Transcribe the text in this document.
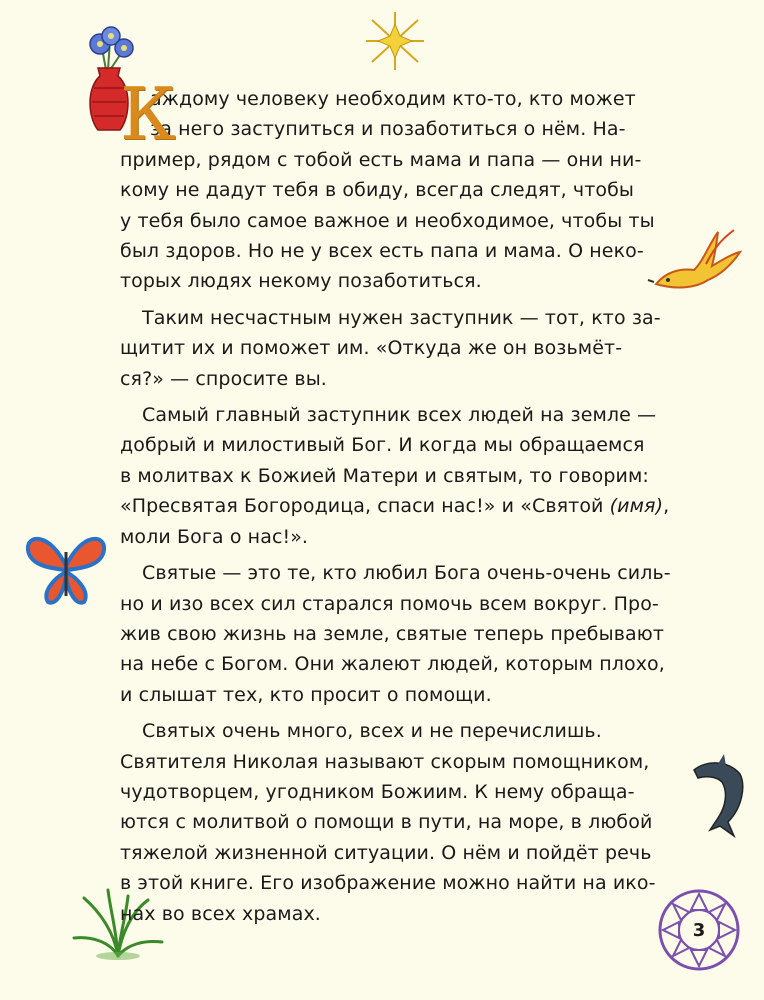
3
К
аждому человеку необходим кто-то, кто может
за него заступиться и позаботиться о нём. На-
пример, рядом с тобой есть мама и папа — они ни-
кому не дадут тебя в обиду, всегда следят, чтобы
у тебя было самое важное и необходимое, чтобы ты
был здоров. Но не у всех есть папа и мама. О неко-
торых людях некому позаботиться.
Таким несчастным нужен заступник — тот, кто за-
щитит их и поможет им. «Откуда же он возьмёт-
ся?» — спросите вы.
Самый главный заступник всех людей на земле —
добрый и милостивый Бог. И когда мы обращаемся
в молитвах к Божией Матери и святым, то говорим:
«Пресвятая Богородица, спаси нас!» и «Святой (имя),
моли Бога о нас!».
Святые — это те, кто любил Бога очень-очень силь-
но и изо всех сил старался помочь всем вокруг. Про-
жив свою жизнь на земле, святые теперь пребывают
на небе с Богом. Они жалеют людей, которым плохо,
и слышат тех, кто просит о помощи.
Святых очень много, всех и не перечислишь.
Святителя Николая называют скорым помощником,
чудотворцем, угодником Божиим. К нему обраща-
ются с молитвой о помощи в пути, на море, в любой
тяжелой жизненной ситуации. О нём и пойдёт речь
в этой книге. Его изображение можно найти на ико-
нах во всех храмах.
